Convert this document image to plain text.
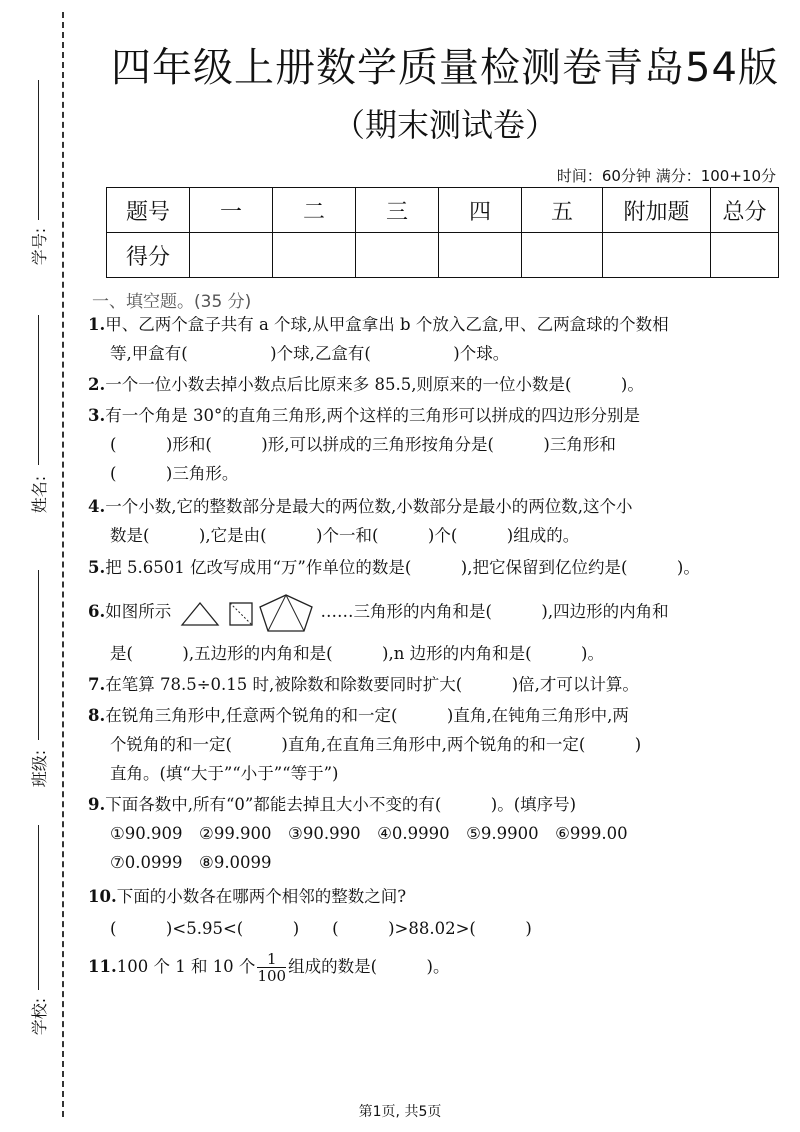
学号:
姓名:
班级:
学校:
四年级上册数学质量检测卷青岛54版
（期末测试卷）
时间：60分钟 满分：100+10分
题号	一	二	三	四	五	附加题	总分
得分							
一、填空题。(35 分)
1.甲、乙两个盒子共有 a 个球,从甲盒拿出 b 个放入乙盒,甲、乙两盒球的个数相
等,甲盒有(　　　　　)个球,乙盒有(　　　　　)个球。
2.一个一位小数去掉小数点后比原来多 85.5,则原来的一位小数是(　　　)。
3.有一个角是 30°的直角三角形,两个这样的三角形可以拼成的四边形分别是
(　　　)形和(　　　)形,可以拼成的三角形按角分是(　　　)三角形和
(　　　)三角形。
4.一个小数,它的整数部分是最大的两位数,小数部分是最小的两位数,这个小
数是(　　　),它是由(　　　)个一和(　　　)个(　　　)组成的。
5.把 5.6501 亿改写成用“万”作单位的数是(　　　),把它保留到亿位约是(　　　)。
6.如图所示	……三角形的内角和是(　　　),四边形的内角和
是(　　　),五边形的内角和是(　　　),n 边形的内角和是(　　　)。
7.在笔算 78.5÷0.15 时,被除数和除数要同时扩大(　　　)倍,才可以计算。
8.在锐角三角形中,任意两个锐角的和一定(　　　)直角,在钝角三角形中,两
个锐角的和一定(　　　)直角,在直角三角形中,两个锐角的和一定(　　　)
直角。(填“大于”“小于”“等于”)
9.下面各数中,所有“0”都能去掉且大小不变的有(　　　)。(填序号)
①90.909　②99.900　③90.990　④0.9990　⑤9.9900　⑥999.00
⑦0.0999　⑧9.0099
10.下面的小数各在哪两个相邻的整数之间?
(　　　)<5.95<(　　　)　　(　　　)>88.02>(　　　)
11.100 个 1 和 10 个 $\frac{1}{100}$ 组成的数是(　　　)。
第1页, 共5页
